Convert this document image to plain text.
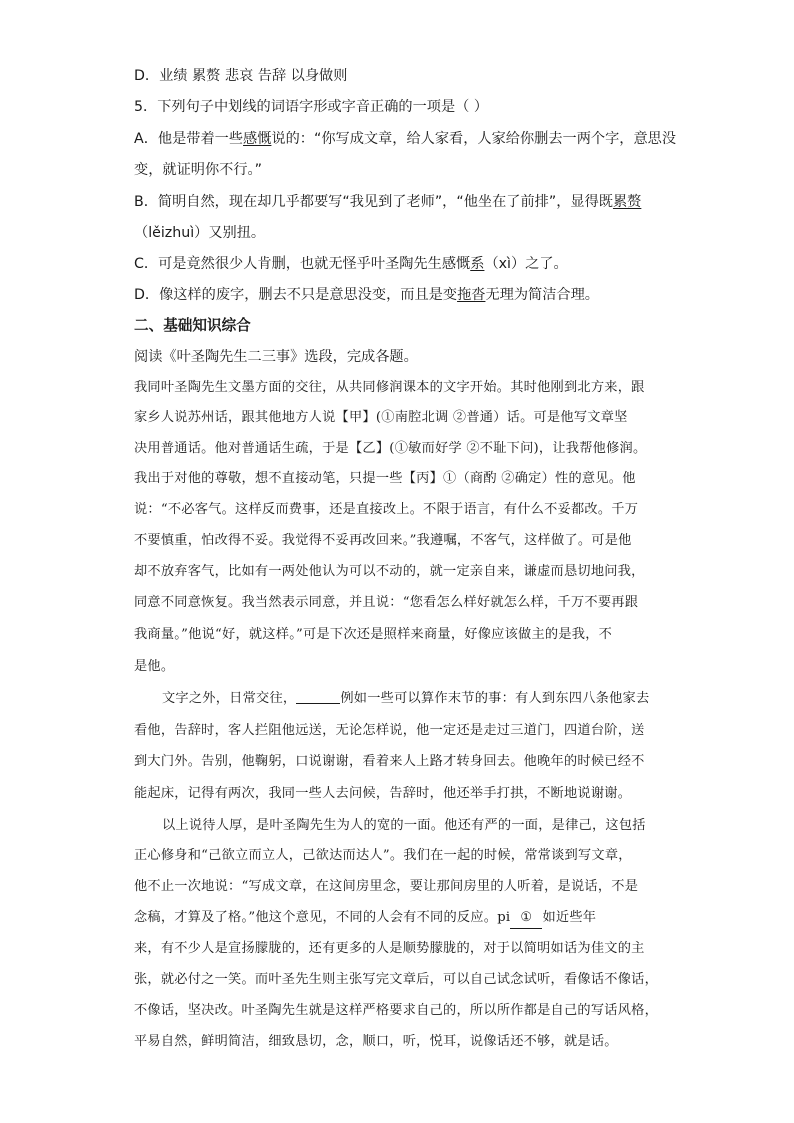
D．业绩 累赘 悲哀 告辞 以身做则
5．下列句子中划线的词语字形或字音正确的一项是（ ）
A．他是带着一些感慨说的：“你写成文章，给人家看，人家给你删去一两个字，意思没
变，就证明你不行。”
B．简明自然，现在却几乎都要写“我见到了老师”，“他坐在了前排”，显得既累赘
（lěizhuì）又别扭。
C．可是竟然很少人肯删，也就无怪乎叶圣陶先生感慨系（xì）之了。
D．像这样的废字，删去不只是意思没变，而且是变拖沓无理为简洁合理。
二、基础知识综合
阅读《叶圣陶先生二三事》选段，完成各题。
我同叶圣陶先生文墨方面的交往，从共同修润课本的文字开始。其时他刚到北方来，跟
家乡人说苏州话，跟其他地方人说【甲】(①南腔北调 ②普通）话。可是他写文章坚
决用普通话。他对普通话生疏，于是【乙】(①敏而好学 ②不耻下问)，让我帮他修润。
我出于对他的尊敬，想不直接动笔，只提一些【丙】①（商酌 ②确定）性的意见。他
说：“不必客气。这样反而费事，还是直接改上。不限于语言，有什么不妥都改。千万
不要慎重，怕改得不妥。我觉得不妥再改回来。”我遵嘱，不客气，这样做了。可是他
却不放弃客气，比如有一两处他认为可以不动的，就一定亲自来，谦虚而恳切地问我，
同意不同意恢复。我当然表示同意，并且说：“您看怎么样好就怎么样，千万不要再跟
我商量。”他说“好，就这样。”可是下次还是照样来商量，好像应该做主的是我，不
是他。
文字之外，日常交往，	例如一些可以算作末节的事：有人到东四八条他家去
看他，告辞时，客人拦阻他远送，无论怎样说，他一定还是走过三道门，四道台阶，送
到大门外。告别，他鞠躬，口说谢谢，看着来人上路才转身回去。他晚年的时候已经不
能起床，记得有两次，我同一些人去问候，告辞时，他还举手打拱，不断地说谢谢。
以上说待人厚，是叶圣陶先生为人的宽的一面。他还有严的一面，是律己，这包括
正心修身和“己欲立而立人，己欲达而达人”。我们在一起的时候，常常谈到写文章，
他不止一次地说：“写成文章，在这间房里念，要让那间房里的人听着，是说话，不是
念稿，才算及了格。”他这个意见，不同的人会有不同的反应。pi ① 如近些年
来，有不少人是宣扬朦胧的，还有更多的人是顺势朦胧的，对于以简明如话为佳文的主
张，就必付之一笑。而叶圣先生则主张写完文章后，可以自己试念试听，看像话不像话，
不像话，坚决改。叶圣陶先生就是这样严格要求自己的，所以所作都是自己的写话风格，
平易自然，鲜明简洁，细致恳切，念，顺口，听，悦耳，说像话还不够，就是话。
